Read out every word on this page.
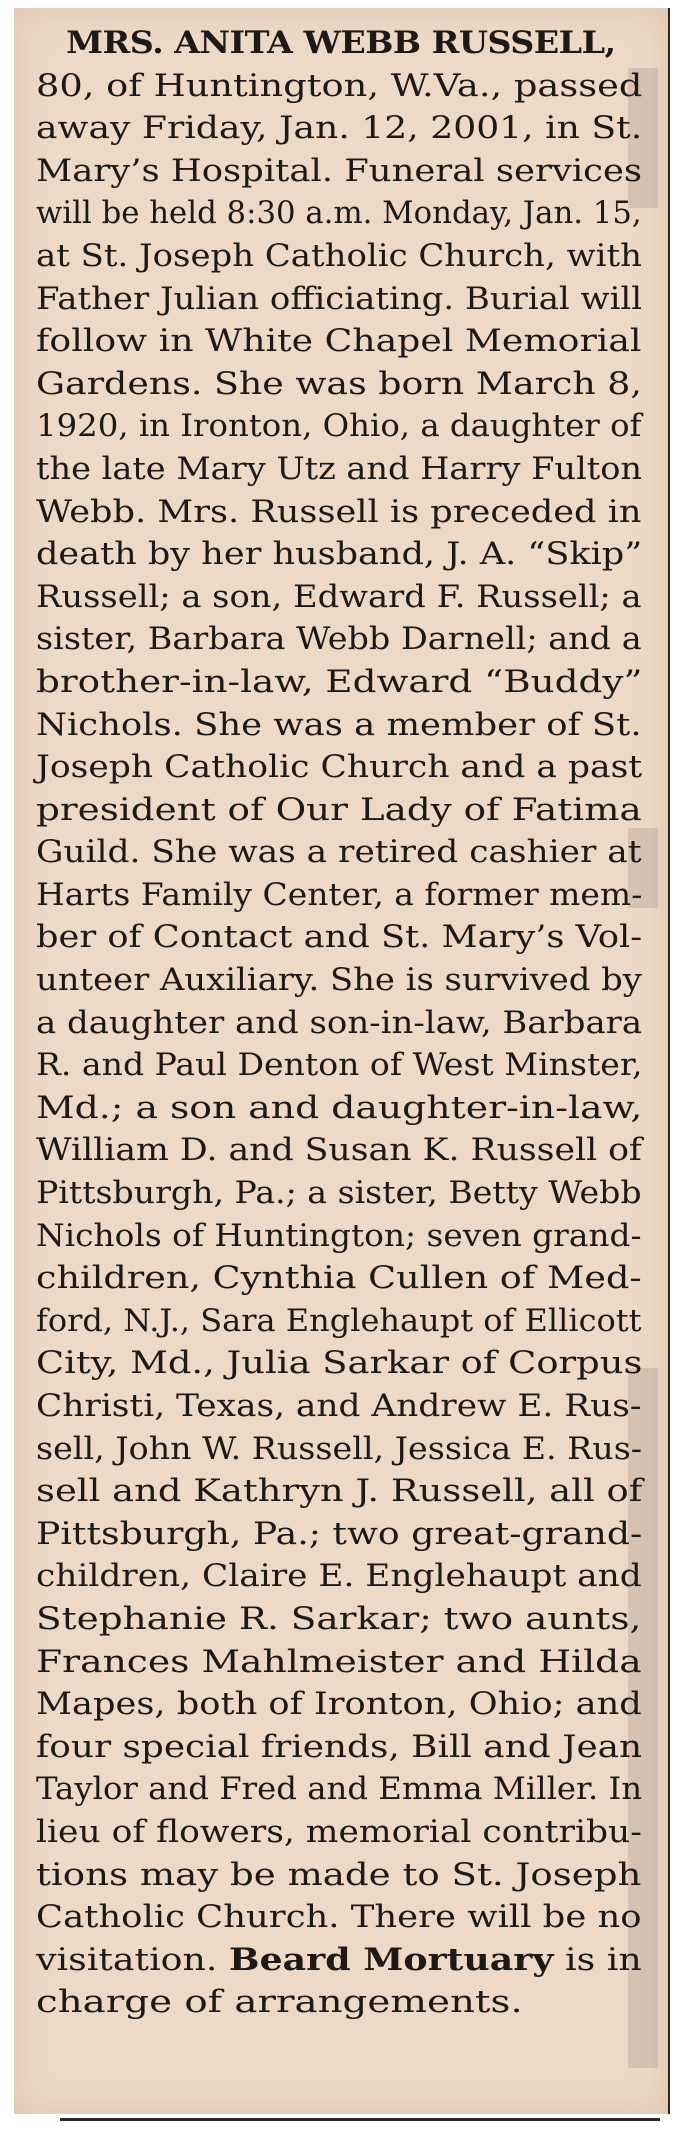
MRS. ANITA WEBB RUSSELL,
80, of Huntington, W.Va., passed
away Friday, Jan. 12, 2001, in St.
Mary’s Hospital. Funeral services
will be held 8:30 a.m. Monday, Jan. 15,
at St. Joseph Catholic Church, with
Father Julian officiating. Burial will
follow in White Chapel Memorial
Gardens. She was born March 8,
1920, in Ironton, Ohio, a daughter of
the late Mary Utz and Harry Fulton
Webb. Mrs. Russell is preceded in
death by her husband, J. A. “Skip”
Russell; a son, Edward F. Russell; a
sister, Barbara Webb Darnell; and a
brother-in-law, Edward “Buddy”
Nichols. She was a member of St.
Joseph Catholic Church and a past
president of Our Lady of Fatima
Guild. She was a retired cashier at
Harts Family Center, a former mem-
ber of Contact and St. Mary’s Vol-
unteer Auxiliary. She is survived by
a daughter and son-in-law, Barbara
R. and Paul Denton of West Minster,
Md.; a son and daughter-in-law,
William D. and Susan K. Russell of
Pittsburgh, Pa.; a sister, Betty Webb
Nichols of Huntington; seven grand-
children, Cynthia Cullen of Med-
ford, N.J., Sara Englehaupt of Ellicott
City, Md., Julia Sarkar of Corpus
Christi, Texas, and Andrew E. Rus-
sell, John W. Russell, Jessica E. Rus-
sell and Kathryn J. Russell, all of
Pittsburgh, Pa.; two great-grand-
children, Claire E. Englehaupt and
Stephanie R. Sarkar; two aunts,
Frances Mahlmeister and Hilda
Mapes, both of Ironton, Ohio; and
four special friends, Bill and Jean
Taylor and Fred and Emma Miller. In
lieu of flowers, memorial contribu-
tions may be made to St. Joseph
Catholic Church. There will be no
visitation. Beard Mortuary is in
charge of arrangements.
